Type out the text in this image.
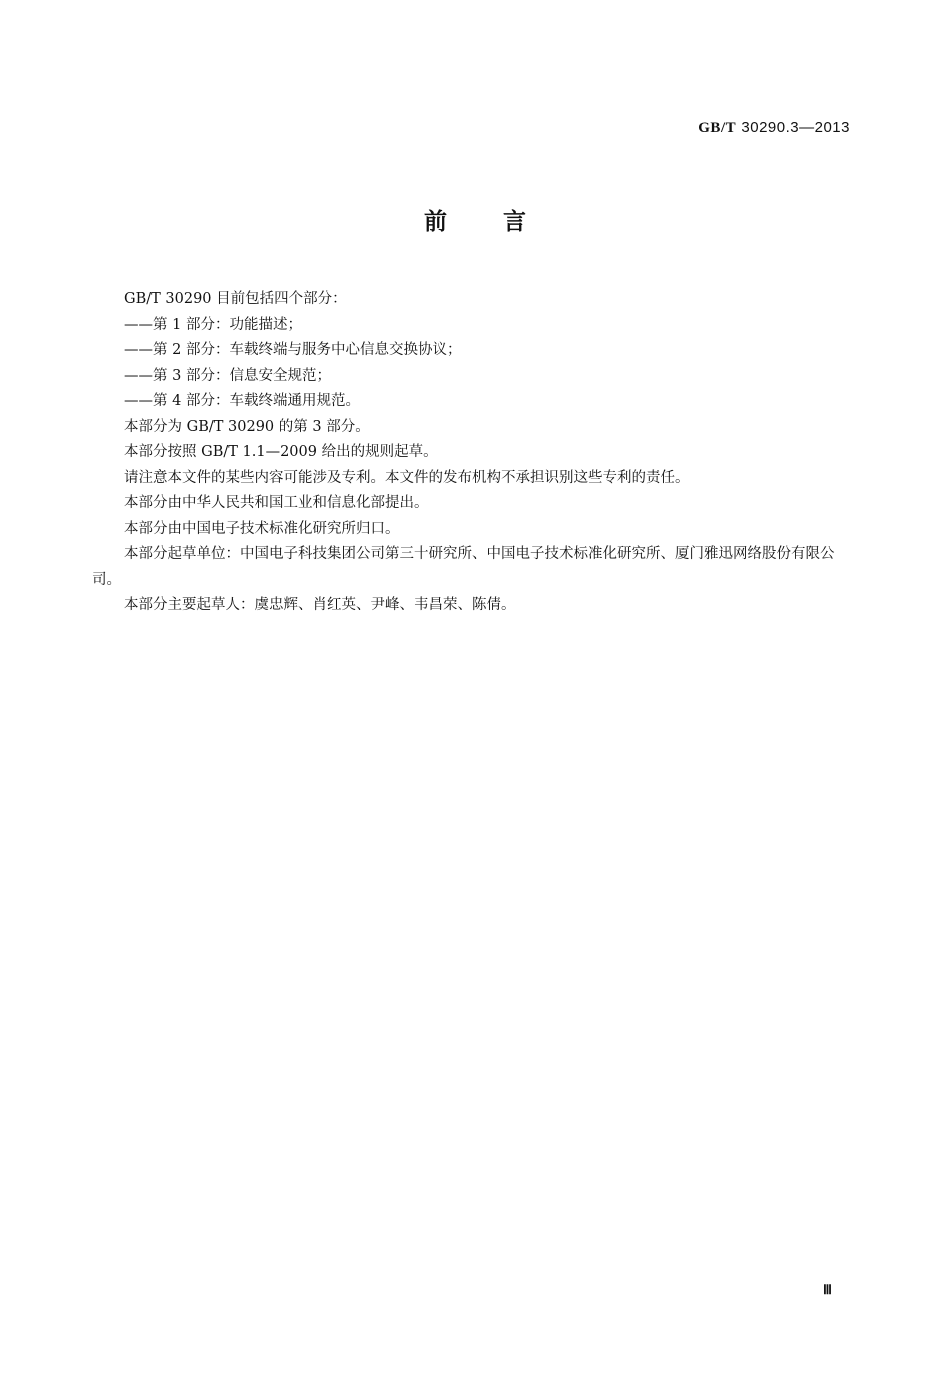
GB/T 30290.3—2013
前言

GB/T 30290 目前包括四个部分：

——第 1 部分：功能描述；

——第 2 部分：车载终端与服务中心信息交换协议；

——第 3 部分：信息安全规范；

——第 4 部分：车载终端通用规范。

本部分为 GB/T 30290 的第 3 部分。

本部分按照 GB/T 1.1—2009 给出的规则起草。

请注意本文件的某些内容可能涉及专利。本文件的发布机构不承担识别这些专利的责任。

本部分由中华人民共和国工业和信息化部提出。

本部分由中国电子技术标准化研究所归口。

本部分起草单位：中国电子科技集团公司第三十研究所、中国电子技术标准化研究所、厦门雅迅网络股份有限公司。

本部分主要起草人：虞忠辉、肖红英、尹峰、韦昌荣、陈倩。

Ⅲ
